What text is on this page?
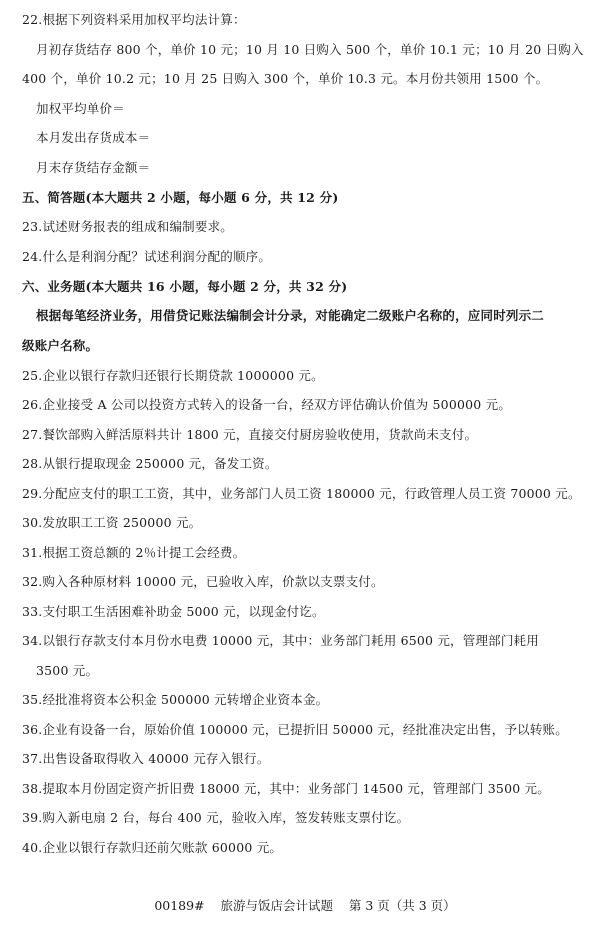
22.根据下列资料采用加权平均法计算：
月初存货结存 800 个，单价 10 元；10 月 10 日购入 500 个，单价 10.1 元；10 月 20 日购入
400 个，单价 10.2 元；10 月 25 日购入 300 个，单价 10.3 元。本月份共领用 1500 个。
加权平均单价＝
本月发出存货成本＝
月末存货结存金额＝
五、简答题(本大题共 2 小题，每小题 6 分，共 12 分)
23.试述财务报表的组成和编制要求。
24.什么是利润分配？试述利润分配的顺序。
六、业务题(本大题共 16 小题，每小题 2 分，共 32 分)
根据每笔经济业务，用借贷记账法编制会计分录，对能确定二级账户名称的，应同时列示二
级账户名称。
25.企业以银行存款归还银行长期贷款 1000000 元。
26.企业接受 A 公司以投资方式转入的设备一台，经双方评估确认价值为 500000 元。
27.餐饮部购入鲜活原料共计 1800 元，直接交付厨房验收使用，货款尚未支付。
28.从银行提取现金 250000 元，备发工资。
29.分配应支付的职工工资，其中，业务部门人员工资 180000 元，行政管理人员工资 70000 元。
30.发放职工工资 250000 元。
31.根据工资总额的 2％计提工会经费。
32.购入各种原材料 10000 元，已验收入库，价款以支票支付。
33.支付职工生活困难补助金 5000 元，以现金付讫。
34.以银行存款支付本月份水电费 10000 元，其中：业务部门耗用 6500 元，管理部门耗用
3500 元。
35.经批准将资本公积金 500000 元转增企业资本金。
36.企业有设备一台，原始价值 100000 元，已提折旧 50000 元，经批准决定出售，予以转账。
37.出售设备取得收入 40000 元存入银行。
38.提取本月份固定资产折旧费 18000 元，其中：业务部门 14500 元，管理部门 3500 元。
39.购入新电扇 2 台，每台 400 元，验收入库，签发转账支票付讫。
40.企业以银行存款归还前欠账款 60000 元。
00189#    旅游与饭店会计试题    第 3 页（共 3 页）
